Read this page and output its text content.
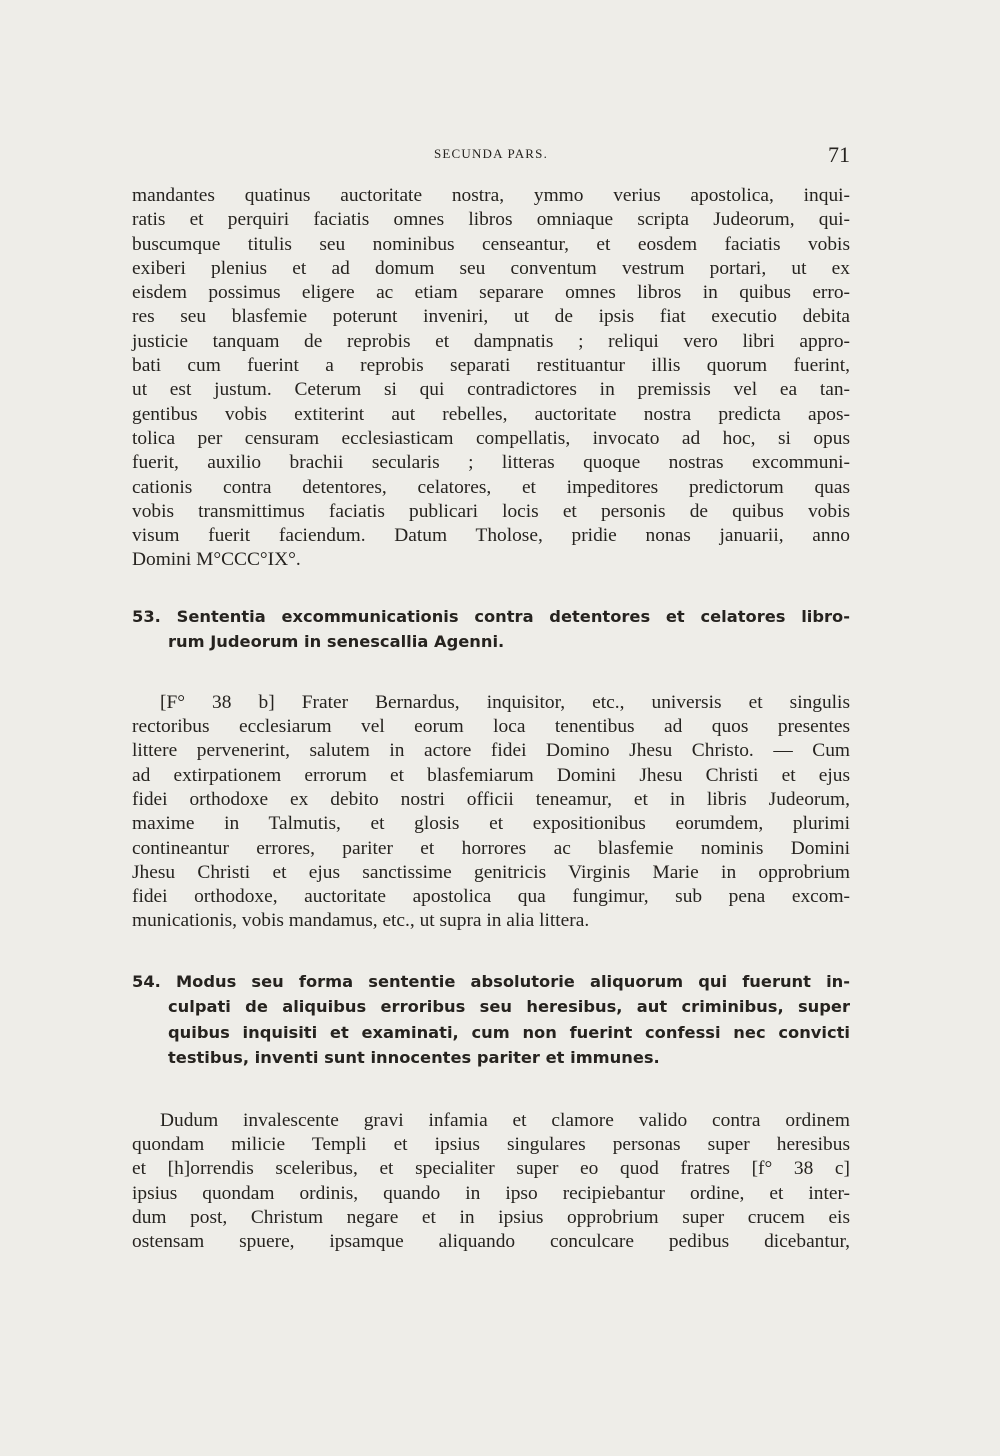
SECUNDA PARS.	71

mandantes quatinus auctoritate nostra, ymmo verius apostolica, inqui-
ratis et perquiri faciatis omnes libros omniaque scripta Judeorum, qui-
buscumque titulis seu nominibus censeantur, et eosdem faciatis vobis
exiberi plenius et ad domum seu conventum vestrum portari, ut ex
eisdem possimus eligere ac etiam separare omnes libros in quibus erro-
res seu blasfemie poterunt inveniri, ut de ipsis fiat executio debita
justicie tanquam de reprobis et dampnatis ; reliqui vero libri appro-
bati cum fuerint a reprobis separati restituantur illis quorum fuerint,
ut est justum. Ceterum si qui contradictores in premissis vel ea tan-
gentibus vobis extiterint aut rebelles, auctoritate nostra predicta apos-
tolica per censuram ecclesiasticam compellatis, invocato ad hoc, si opus
fuerit, auxilio brachii secularis ; litteras quoque nostras excommuni-
cationis contra detentores, celatores, et impeditores predictorum quas
vobis transmittimus faciatis publicari locis et personis de quibus vobis
visum fuerit faciendum. Datum Tholose, pridie nonas januarii, anno
Domini M°CCC°IX°.

53. Sententia excommunicationis contra detentores et celatores libro-
rum Judeorum in senescallia Agenni.

[F° 38 b] Frater Bernardus, inquisitor, etc., universis et singulis
rectoribus ecclesiarum vel eorum loca tenentibus ad quos presentes
littere pervenerint, salutem in actore fidei Domino Jhesu Christo. — Cum
ad extirpationem errorum et blasfemiarum Domini Jhesu Christi et ejus
fidei orthodoxe ex debito nostri officii teneamur, et in libris Judeorum,
maxime in Talmutis, et glosis et expositionibus eorumdem, plurimi
contineantur errores, pariter et horrores ac blasfemie nominis Domini
Jhesu Christi et ejus sanctissime genitricis Virginis Marie in opprobrium
fidei orthodoxe, auctoritate apostolica qua fungimur, sub pena excom-
municationis, vobis mandamus, etc., ut supra in alia littera.

54. Modus seu forma sententie absolutorie aliquorum qui fuerunt in-
culpati de aliquibus erroribus seu heresibus, aut criminibus, super
quibus inquisiti et examinati, cum non fuerint confessi nec convicti
testibus, inventi sunt innocentes pariter et immunes.

Dudum invalescente gravi infamia et clamore valido contra ordinem
quondam milicie Templi et ipsius singulares personas super heresibus
et [h]orrendis sceleribus, et specialiter super eo quod fratres [f° 38 c]
ipsius quondam ordinis, quando in ipso recipiebantur ordine, et inter-
dum post, Christum negare et in ipsius opprobrium super crucem eis
ostensam spuere, ipsamque aliquando conculcare pedibus dicebantur,
